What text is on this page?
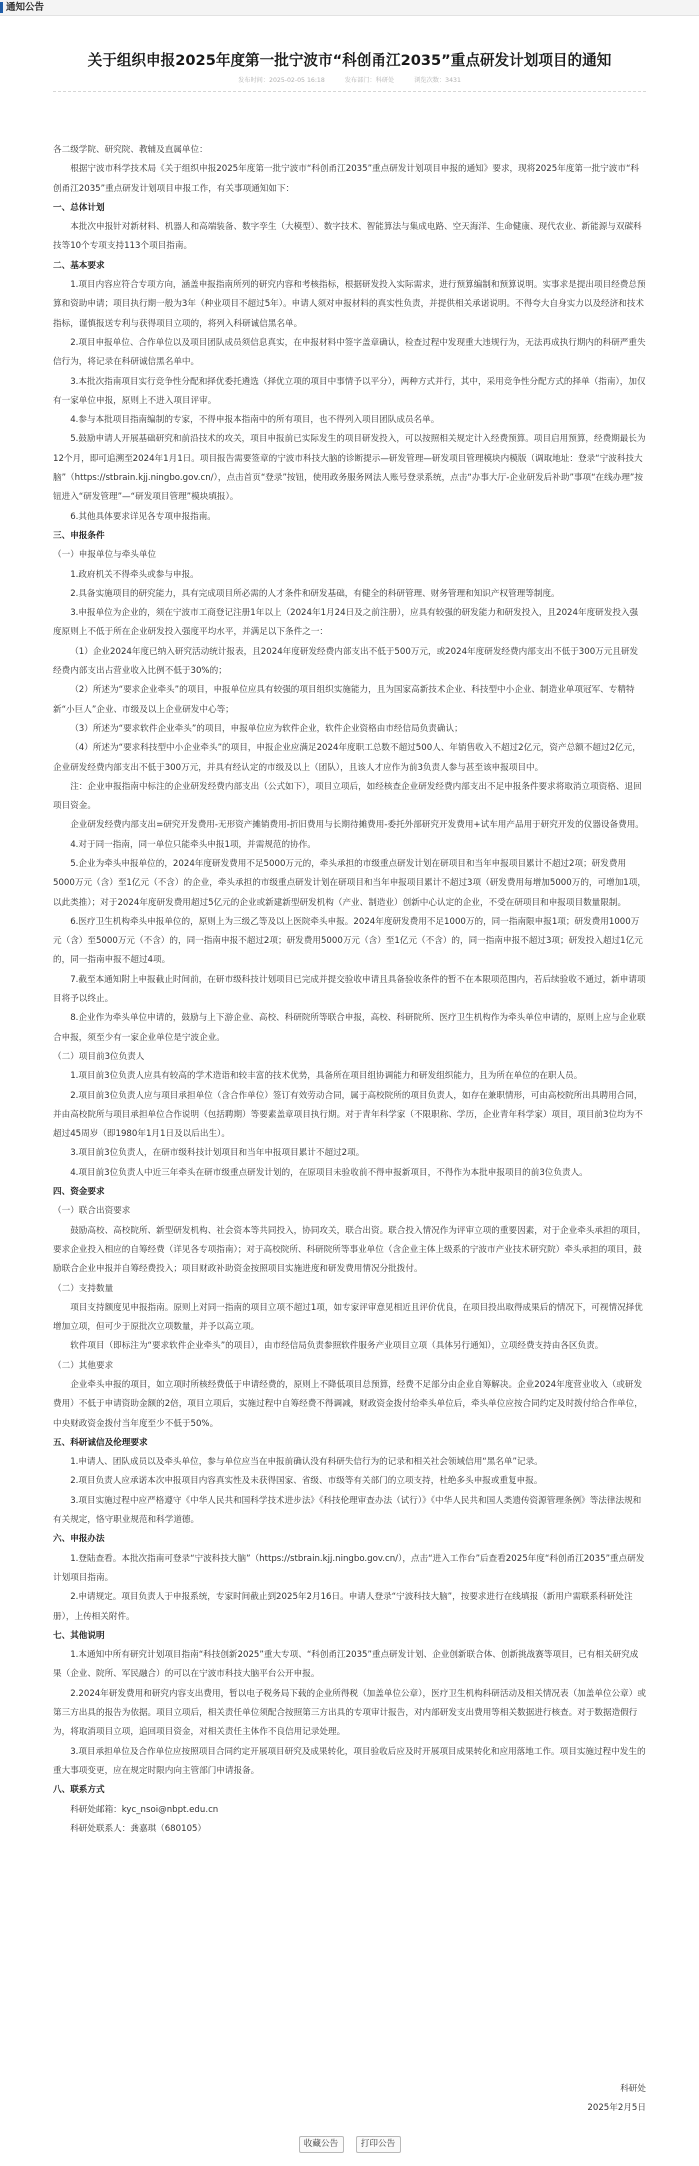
通知公告
关于组织申报2025年度第一批宁波市“科创甬江2035”重点研发计划项目的通知
发布时间：2025-02-05 16:18	发布部门：科研处	浏览次数：3431

各二级学院、研究院、教辅及直属单位：

根据宁波市科学技术局《关于组织申报2025年度第一批宁波市“科创甬江2035”重点研发计划项目申报的通知》要求，现将2025年度第一批宁波市“科创甬江2035”重点研发计划项目申报工作，有关事项通知如下：

一、总体计划

本批次申报针对新材料、机器人和高端装备、数字孪生（大模型）、数字技术、智能算法与集成电路、空天海洋、生命健康、现代农业、新能源与双碳科技等10个专项支持113个项目指南。

二、基本要求

1.项目内容应符合专项方向，涵盖申报指南所列的研究内容和考核指标，根据研发投入实际需求，进行预算编制和预算说明。实事求是提出项目经费总预算和资助申请；项目执行期一般为3年（种业项目不超过5年）。申请人须对申报材料的真实性负责，并提供相关承诺说明。不得夸大自身实力以及经济和技术指标，谨慎报送专利与获得项目立项的，将列入科研诚信黑名单。

2.项目申报单位、合作单位以及项目团队成员须信息真实，在申报材料中签字盖章确认，检查过程中发现重大违规行为，无法再成执行期内的科研严重失信行为，将记录在科研诚信黑名单中。

3.本批次指南项目实行竞争性分配和择优委托遴选（择优立项的项目中事情予以平分），两种方式并行，其中，采用竞争性分配方式的择单（指南），加仅有一家单位申报，原则上不进入项目评审。

4.参与本批项目指南编制的专家，不得申报本指南中的所有项目，也不得列入项目团队成员名单。

5.鼓励申请人开展基础研究和前沿技术的攻关，项目申报前已实际发生的项目研发投入，可以按照相关规定计入经费预算。项目启用预算，经费期最长为12个月，即可追溯至2024年1月1日。项目报告需要签章的宁波市科技大脑的诊断提示—研发管理—研发项目管理模块内模版（调取地址：登录“宁波科技大脑”（https://stbrain.kjj.ningbo.gov.cn/），点击首页“登录”按钮，使用政务服务网法人账号登录系统，点击“办事大厅-企业研发后补助”事项“在线办理”按钮进入“研发管理”—“研发项目管理”模块填报）。

6.其他具体要求详见各专项申报指南。

三、申报条件

（一）申报单位与牵头单位

1.政府机关不得牵头或参与申报。

2.具备实施项目的研究能力，具有完成项目所必需的人才条件和研发基础，有健全的科研管理、财务管理和知识产权管理等制度。

3.申报单位为企业的，须在宁波市工商登记注册1年以上（2024年1月24日及之前注册），应具有较强的研发能力和研发投入，且2024年度研发投入强度原则上不低于所在企业研发投入强度平均水平，并满足以下条件之一：

（1）企业2024年度已纳入研究活动统计报表，且2024年度研发经费内部支出不低于500万元，或2024年度研发经费内部支出不低于300万元且研发经费内部支出占营业收入比例不低于30%的；

（2）所述为“要求企业牵头”的项目，申报单位应具有较强的项目组织实施能力，且为国家高新技术企业、科技型中小企业、制造业单项冠军、专精特新“小巨人”企业、市级及以上企业研发中心等；

（3）所述为“要求软件企业牵头”的项目，申报单位应为软件企业，软件企业资格由市经信局负责确认；

（4）所述为“要求科技型中小企业牵头”的项目，申报企业应满足2024年度职工总数不超过500人、年销售收入不超过2亿元，资产总额不超过2亿元，企业研发经费内部支出不低于300万元，并具有经认定的市级及以上（团队），且该人才应作为前3负责人参与甚至该申报项目中。

注：企业申报指南中标注的企业研发经费内部支出（公式如下），项目立项后，如经核查企业研发经费内部支出不足申报条件要求将取消立项资格、退回项目资金。

企业研发经费内部支出=研究开发费用-无形资产摊销费用-折旧费用与长期待摊费用-委托外部研究开发费用+试车用产品用于研究开发的仪器设备费用。

4.对于同一指南，同一单位只能牵头申报1项，并需规范的协作。

5.企业为牵头申报单位的，2024年度研发费用不足5000万元的，牵头承担的市级重点研发计划在研项目和当年申报项目累计不超过2项；研发费用5000万元（含）至1亿元（不含）的企业，牵头承担的市级重点研发计划在研项目和当年申报项目累计不超过3项（研发费用每增加5000万的，可增加1项，以此类推）；对于2024年度研发费用超过5亿元的企业或新建新型研发机构（产业、制造业）创新中心认定的企业，不受在研项目和申报项目数量限制。

6.医疗卫生机构牵头申报单位的，原则上为三级乙等及以上医院牵头申报。2024年度研发费用不足1000万的，同一指南限申报1项；研发费用1000万元（含）至5000万元（不含）的，同一指南申报不超过2项；研发费用5000万元（含）至1亿元（不含）的，同一指南申报不超过3项；研发投入超过1亿元的，同一指南申报不超过4项。

7.截至本通知附上申报截止时间前，在研市级科技计划项目已完成并提交验收申请且具备验收条件的暂不在本限项范围内，若后续验收不通过，新申请项目将予以终止。

8.企业作为牵头单位申请的，鼓励与上下游企业、高校、科研院所等联合申报，高校、科研院所、医疗卫生机构作为牵头单位申请的，原则上应与企业联合申报，须至少有一家企业单位是宁波企业。

（二）项目前3位负责人

1.项目前3位负责人应具有较高的学术造诣和较丰富的技术优势，具备所在项目组协调能力和研发组织能力，且为所在单位的在职人员。

2.项目前3位负责人应与项目承担单位（含合作单位）签订有效劳动合同，属于高校院所的项目负责人，如存在兼职情形，可由高校院所出具聘用合同，并由高校院所与项目承担单位合作说明（包括聘期）等要素盖章项目执行期。对于青年科学家（不限职称、学历，企业青年科学家）项目，项目前3位均为不超过45周岁（即1980年1月1日及以后出生）。

3.项目前3位负责人，在研市级科技计划项目和当年申报项目累计不超过2项。

4.项目前3位负责人中近三年牵头在研市级重点研发计划的，在原项目未验收前不得申报新项目，不得作为本批申报项目的前3位负责人。

四、资金要求

（一）联合出资要求

鼓励高校、高校院所、新型研发机构、社会资本等共同投入，协同攻关，联合出资。联合投入情况作为评审立项的重要因素，对于企业牵头承担的项目，要求企业投入相应的自筹经费（详见各专项指南）；对于高校院所、科研院所等事业单位（含企业主体上级系的宁波市产业技术研究院）牵头承担的项目，鼓励联合企业申报并自筹经费投入；项目财政补助资金按照项目实施进度和研发费用情况分批拨付。

（二）支持数量

项目支持额度见申报指南。原则上对同一指南的项目立项不超过1项，如专家评审意见相近且评价优良，在项目投出取得成果后的情况下，可视情况择优增加立项，但可少于原批次立项数量，并予以高立项。

软件项目（即标注为“要求软件企业牵头”的项目），由市经信局负责参照软件服务产业项目立项（具体另行通知），立项经费支持由各区负责。

（二）其他要求

企业牵头申报的项目，如立项时所核经费低于申请经费的，原则上不降低项目总预算，经费不足部分由企业自筹解决。企业2024年度营业收入（或研发费用）不低于申请资助金额的2倍，项目立项后，实施过程中自筹经费不得调减，财政资金拨付给牵头单位后，牵头单位应按合同约定及时拨付给合作单位，中央财政资金拨付当年度至少不低于50%。

五、科研诚信及伦理要求

1.申请人、团队成员以及牵头单位，参与单位应当在申报前确认没有科研失信行为的记录和相关社会领域信用“黑名单”记录。

2.项目负责人应承诺本次申报项目内容真实性及未获得国家、省级、市级等有关部门的立项支持，杜绝多头申报或重复申报。

3.项目实施过程中应严格遵守《中华人民共和国科学技术进步法》《科技伦理审查办法（试行）》《中华人民共和国人类遗传资源管理条例》等法律法规和有关规定，恪守职业规范和科学道德。

六、申报办法

1.登陆查看。本批次指南可登录“宁波科技大脑”（https://stbrain.kjj.ningbo.gov.cn/），点击“进入工作台”后查看2025年度“科创甬江2035”重点研发计划项目指南。

2.申请规定。项目负责人于申报系统，专家时间截止到2025年2月16日。申请人登录“宁波科技大脑”，按要求进行在线填报（新用户需联系科研处注册），上传相关附件。

七、其他说明

1.本通知中所有研究计划项目指南“科技创新2025”重大专项、“科创甬江2035”重点研发计划、企业创新联合体、创新挑战赛等项目，已有相关研究成果（企业、院所、军民融合）的可以在宁波市科技大脑平台公开申报。

2.2024年研发费用和研究内容支出费用，暂以电子税务局下载的企业所得税（加盖单位公章），医疗卫生机构科研活动及相关情况表（加盖单位公章）或第三方出具的报告为依据。项目立项后，相关责任单位须配合按照第三方出具的专项审计报告，对内部研发支出费用等相关数据进行核查。对于数据造假行为，将取消项目立项，追回项目资金，对相关责任主体作不良信用记录处理。

3.项目承担单位及合作单位应按照项目合同约定开展项目研究及成果转化，项目验收后应及时开展项目成果转化和应用落地工作。项目实施过程中发生的重大事项变更，应在规定时限内向主管部门申请报备。

八、联系方式

科研处邮箱：kyc_nsoi@nbpt.edu.cn

科研处联系人：龚嘉琪（680105）

科研处

2025年2月5日

收藏公告	打印公告
